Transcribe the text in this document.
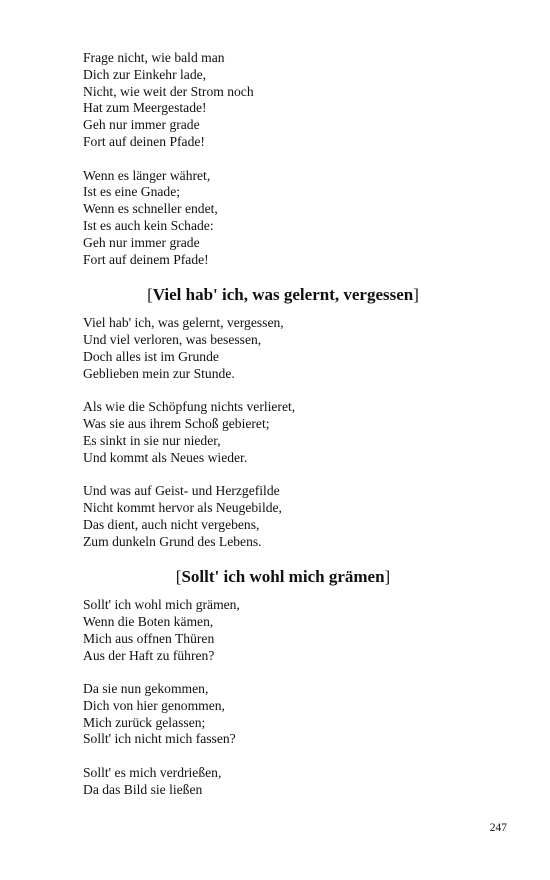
Frage nicht, wie bald man
Dich zur Einkehr lade,
Nicht, wie weit der Strom noch
Hat zum Meergestade!
Geh nur immer grade
Fort auf deinen Pfade!
Wenn es länger währet,
Ist es eine Gnade;
Wenn es schneller endet,
Ist es auch kein Schade:
Geh nur immer grade
Fort auf deinem Pfade!
[Viel hab' ich, was gelernt, vergessen]
Viel hab' ich, was gelernt, vergessen,
Und viel verloren, was besessen,
Doch alles ist im Grunde
Geblieben mein zur Stunde.
Als wie die Schöpfung nichts verlieret,
Was sie aus ihrem Schoß gebieret;
Es sinkt in sie nur nieder,
Und kommt als Neues wieder.
Und was auf Geist- und Herzgefilde
Nicht kommt hervor als Neugebilde,
Das dient, auch nicht vergebens,
Zum dunkeln Grund des Lebens.
[Sollt' ich wohl mich grämen]
Sollt' ich wohl mich grämen,
Wenn die Boten kämen,
Mich aus offnen Thüren
Aus der Haft zu führen?
Da sie nun gekommen,
Dich von hier genommen,
Mich zurück gelassen;
Sollt' ich nicht mich fassen?
Sollt' es mich verdrießen,
Da das Bild sie ließen
247
